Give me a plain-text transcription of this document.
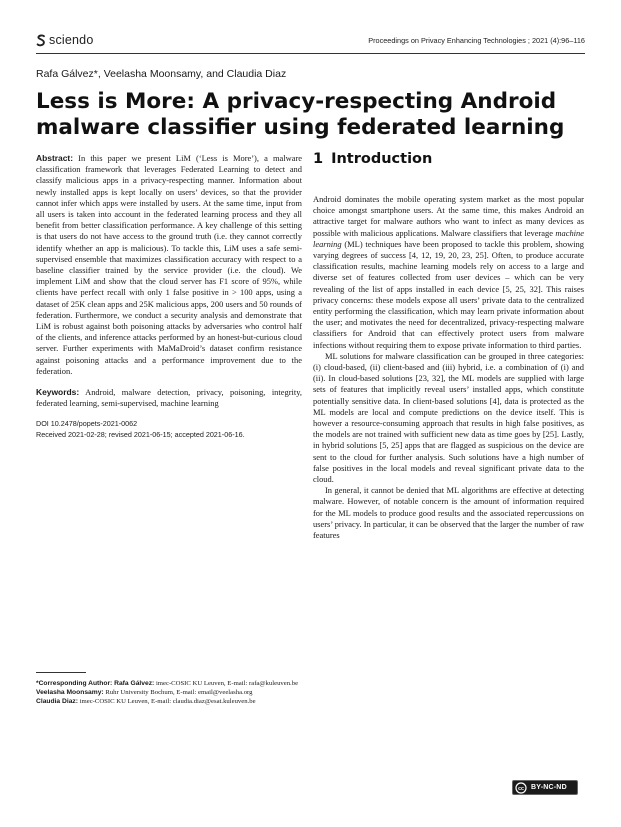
sciendo	Proceedings on Privacy Enhancing Technologies ; 2021 (4):96–116
Rafa Gálvez*, Veelasha Moonsamy, and Claudia Diaz
Less is More: A privacy-respecting Android malware classifier using federated learning

Abstract: In this paper we present LiM (‘Less is More’), a malware classification framework that leverages Federated Learning to detect and classify malicious apps in a privacy-respecting manner. Information about newly installed apps is kept locally on users’ devices, so that the provider cannot infer which apps were installed by users. At the same time, input from all users is taken into account in the federated learning process and they all benefit from better classification performance. A key challenge of this setting is that users do not have access to the ground truth (i.e. they cannot correctly identify whether an app is malicious). To tackle this, LiM uses a safe semi-supervised ensemble that maximizes classification accuracy with respect to a baseline classifier trained by the service provider (i.e. the cloud). We implement LiM and show that the cloud server has F1 score of 95%, while clients have perfect recall with only 1 false positive in > 100 apps, using a dataset of 25K clean apps and 25K malicious apps, 200 users and 50 rounds of federation. Furthermore, we conduct a security analysis and demonstrate that LiM is robust against both poisoning attacks by adversaries who control half of the clients, and inference attacks performed by an honest-but-curious cloud server. Further experiments with MaMaDroid’s dataset confirm resistance against poisoning attacks and a performance improvement due to the federation.

Keywords: Android, malware detection, privacy, poisoning, integrity, federated learning, semi-supervised, machine learning

DOI 10.2478/popets-2021-0062
Received 2021-02-28; revised 2021-06-15; accepted 2021-06-16.

*Corresponding Author: Rafa Gálvez: imec-COSIC KU Leuven, E-mail: rafa@kuleuven.be

Veelasha Moonsamy: Ruhr University Bochum, E-mail: email@veelasha.org

Claudia Diaz: imec-COSIC KU Leuven, E-mail: claudia.diaz@esat.kuleuven.be

1 Introduction

Android dominates the mobile operating system market as the most popular choice amongst smartphone users. At the same time, this makes Android an attractive target for malware authors who want to infect as many devices as possible with malicious applications. Malware classifiers that leverage machine learning (ML) techniques have been proposed to tackle this problem, showing varying degrees of success [4, 12, 19, 20, 23, 25]. Often, to produce accurate classification results, machine learning models rely on access to a large and diverse set of features collected from user devices – which can be very revealing of the list of apps installed in each device [5, 25, 32]. This raises privacy concerns: these models expose all users’ private data to the centralized entity performing the classification, which may learn private information about the user; and motivates the need for decentralized, privacy-respecting malware classifiers for Android that can effectively protect users from malware infections without requiring them to expose private information to third parties.

ML solutions for malware classification can be grouped in three categories: (i) cloud-based, (ii) client-based and (iii) hybrid, i.e. a combination of (i) and (ii). In cloud-based solutions [23, 32], the ML models are supplied with large sets of features that implicitly reveal users’ installed apps, which constitute potentially sensitive data. In client-based solutions [4], data is protected as the ML models are local and compute predictions on the device itself. This is however a resource-consuming approach that results in high false positives, as the models are not trained with sufficient new data as time goes by [25]. Lastly, in hybrid solutions [5, 25] apps that are flagged as suspicious on the device are sent to the cloud for further analysis. Such solutions have a high number of false positives in the local models and reveal significant private data to the cloud.

In general, it cannot be denied that ML algorithms are effective at detecting malware. However, of notable concern is the amount of information required for the ML models to produce good results and the associated repercussions on users’ privacy. In particular, it can be observed that the larger the number of raw features

cc BY-NC-ND
